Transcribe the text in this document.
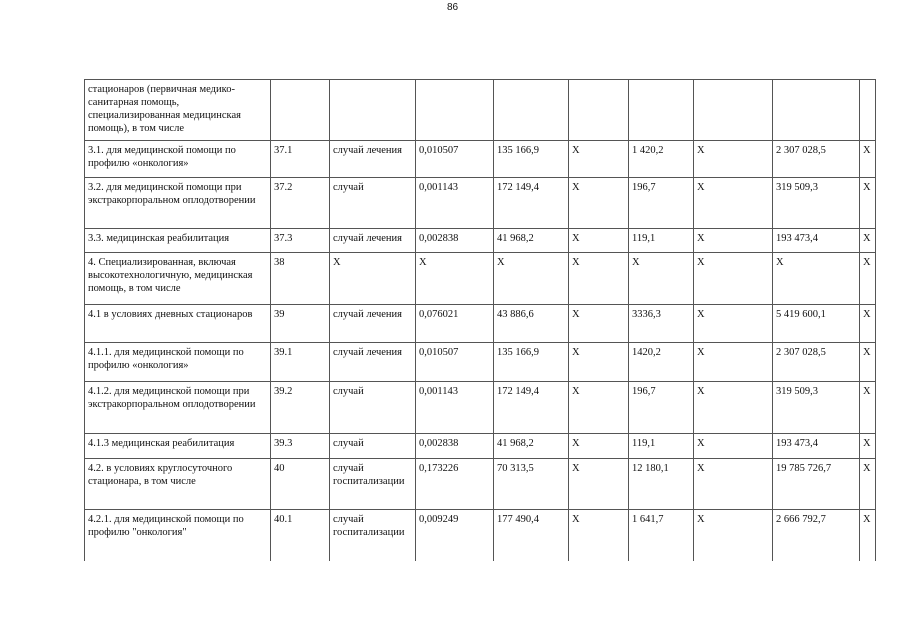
86
стационаров (первичная медико-санитарная помощь, специализированная медицинская помощь), в том числе									
3.1. для медицинской помощи по профилю «онкология»	37.1	случай лечения	0,010507	135 166,9	X	1 420,2	X	2 307 028,5	X
3.2. для медицинской помощи при экстракорпоральном оплодотворении	37.2	случай	0,001143	172 149,4	X	196,7	X	319 509,3	X
3.3. медицинская реабилитация	37.3	случай лечения	0,002838	41 968,2	X	119,1	X	193 473,4	X
4. Специализированная, включая высокотехнологичную, медицинская помощь, в том числе	38	X	X	X	X	X	X	X	X
4.1 в условиях дневных стационаров	39	случай лечения	0,076021	43 886,6	X	3336,3	X	5 419 600,1	X
4.1.1. для медицинской помощи по профилю «онкология»	39.1	случай лечения	0,010507	135 166,9	X	1420,2	X	2 307 028,5	X
4.1.2. для медицинской помощи при экстракорпоральном оплодотворении	39.2	случай	0,001143	172 149,4	X	196,7	X	319 509,3	X
4.1.3 медицинская реабилитация	39.3	случай	0,002838	41 968,2	X	119,1	X	193 473,4	X
4.2. в условиях круглосуточного стационара, в том числе	40	случай госпитализации	0,173226	70 313,5	X	12 180,1	X	19 785 726,7	X
4.2.1. для медицинской помощи по профилю "онкология"	40.1	случай госпитализации	0,009249	177 490,4	X	1 641,7	X	2 666 792,7	X
